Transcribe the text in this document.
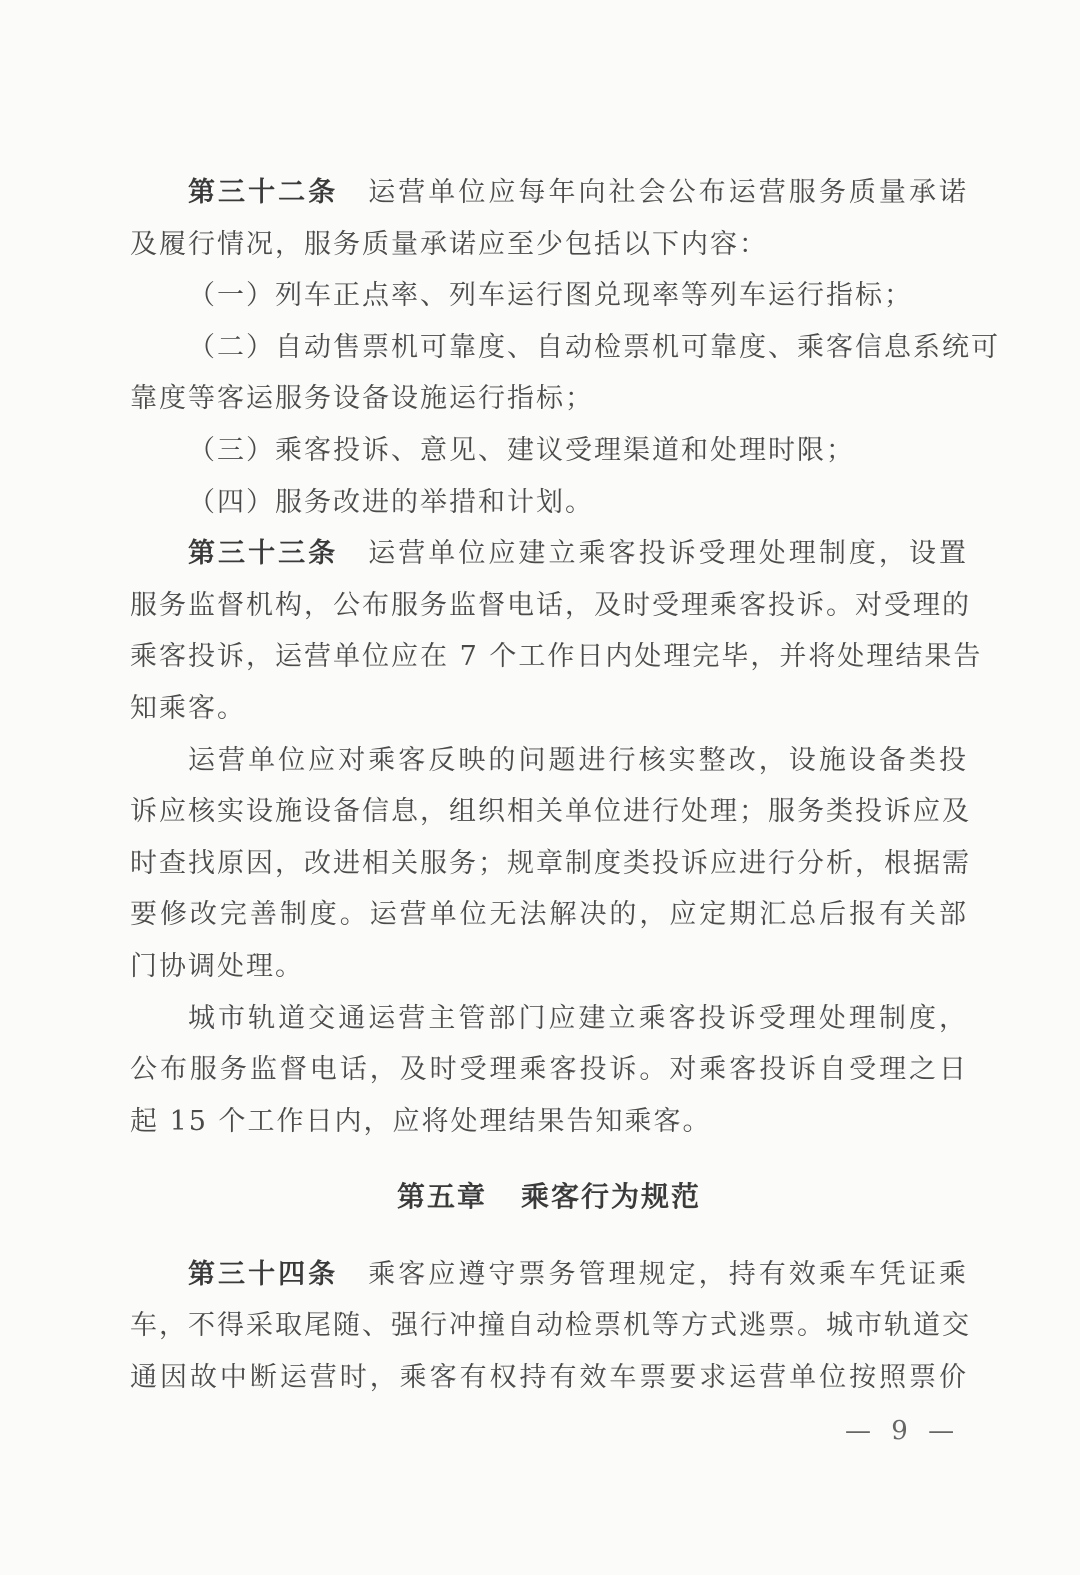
第三十二条 运营单位应每年向社会公布运营服务质量承诺
及履行情况，服务质量承诺应至少包括以下内容：
（一）列车正点率、列车运行图兑现率等列车运行指标；
（二）自动售票机可靠度、自动检票机可靠度、乘客信息系统可
靠度等客运服务设备设施运行指标；
（三）乘客投诉、意见、建议受理渠道和处理时限；
（四）服务改进的举措和计划。
第三十三条 运营单位应建立乘客投诉受理处理制度，设置
服务监督机构，公布服务监督电话，及时受理乘客投诉。对受理的
乘客投诉，运营单位应在 7 个工作日内处理完毕，并将处理结果告
知乘客。
运营单位应对乘客反映的问题进行核实整改，设施设备类投
诉应核实设施设备信息，组织相关单位进行处理；服务类投诉应及
时查找原因，改进相关服务；规章制度类投诉应进行分析，根据需
要修改完善制度。运营单位无法解决的，应定期汇总后报有关部
门协调处理。
城市轨道交通运营主管部门应建立乘客投诉受理处理制度，
公布服务监督电话，及时受理乘客投诉。对乘客投诉自受理之日
起 15 个工作日内，应将处理结果告知乘客。
第五章 乘客行为规范
第三十四条 乘客应遵守票务管理规定，持有效乘车凭证乘
车，不得采取尾随、强行冲撞自动检票机等方式逃票。城市轨道交
通因故中断运营时，乘客有权持有效车票要求运营单位按照票价
— 9 —
